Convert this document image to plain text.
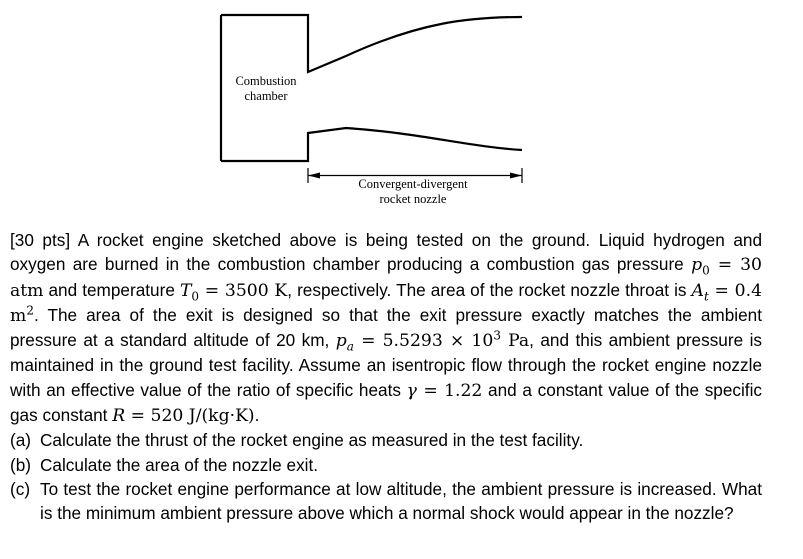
Combustion
chamber
Convergent-divergent
rocket nozzle

[30 pts] A rocket engine sketched above is being tested on the ground. Liquid hydrogen and oxygen are burned in the combustion chamber producing a combustion gas pressure $p_0 = 30$ atm and temperature $T_0 = 3500$ K, respectively. The area of the rocket nozzle throat is $A_t = 0.4$ $m^2$. The area of the exit is designed so that the exit pressure exactly matches the ambient pressure at a standard altitude of 20 km, $p_a = 5.5293 \times 10^3$ Pa, and this ambient pressure is maintained in the ground test facility. Assume an isentropic flow through the rocket engine nozzle with an effective value of the ratio of specific heats γ = 1.22 and a constant value of the specific gas constant R = 520 J/(kg·K).

(a) Calculate the thrust of the rocket engine as measured in the test facility.
(b) Calculate the area of the nozzle exit.
(c) To test the rocket engine performance at low altitude, the ambient pressure is increased. What is the minimum ambient pressure above which a normal shock would appear in the nozzle?
